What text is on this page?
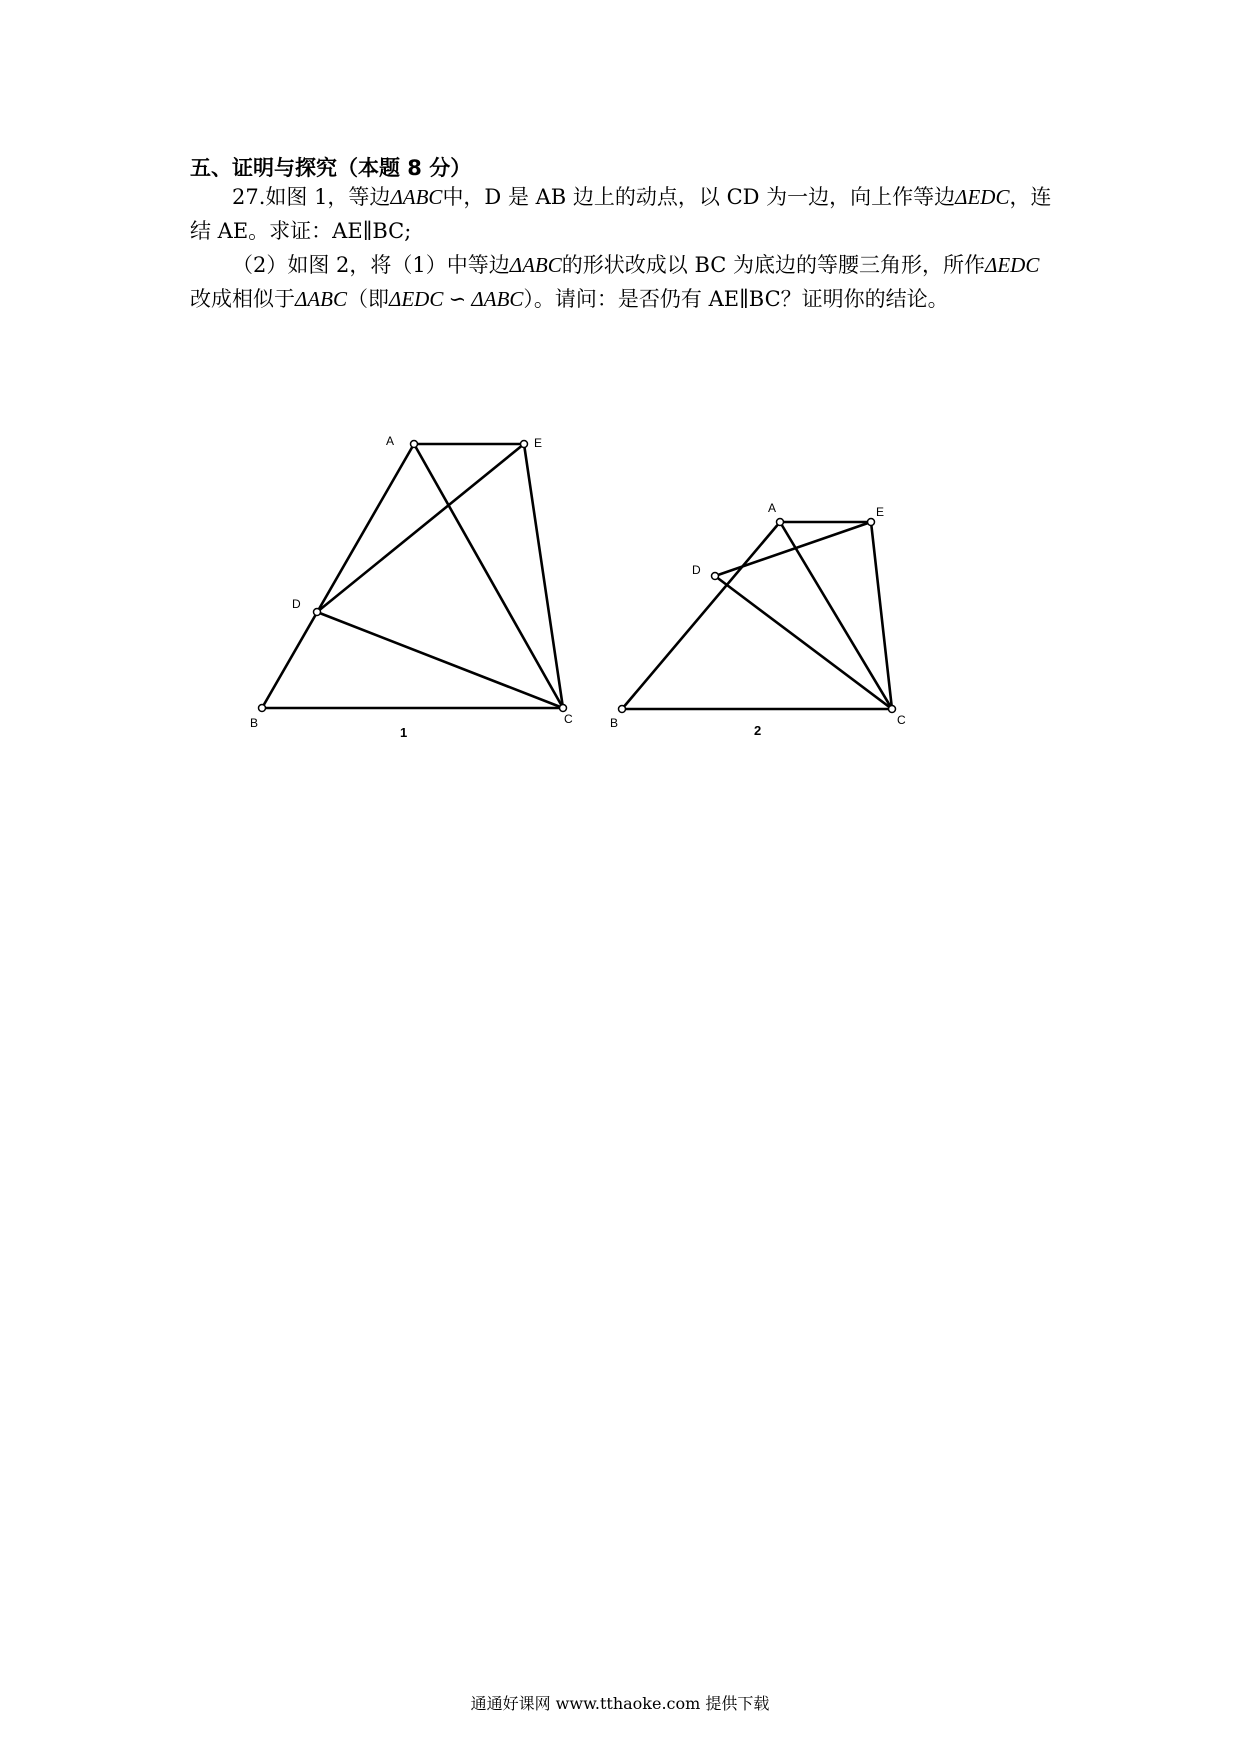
五、证明与探究（本题 8 分）
27.如图 1，等边ΔABC中，D 是 AB 边上的动点，以 CD 为一边，向上作等边ΔEDC，连结 AE。求证：AE∥BC;
（2）如图 2，将（1）中等边ΔABC的形状改成以 BC 为底边的等腰三角形，所作ΔEDC改成相似于ΔABC（即ΔEDC ∽ ΔABC）。请问：是否仍有 AE∥BC？证明你的结论。
A	E
D
B	C
1
A	E
D
B	C
2
通通好课网 www.tthaoke.com 提供下载
